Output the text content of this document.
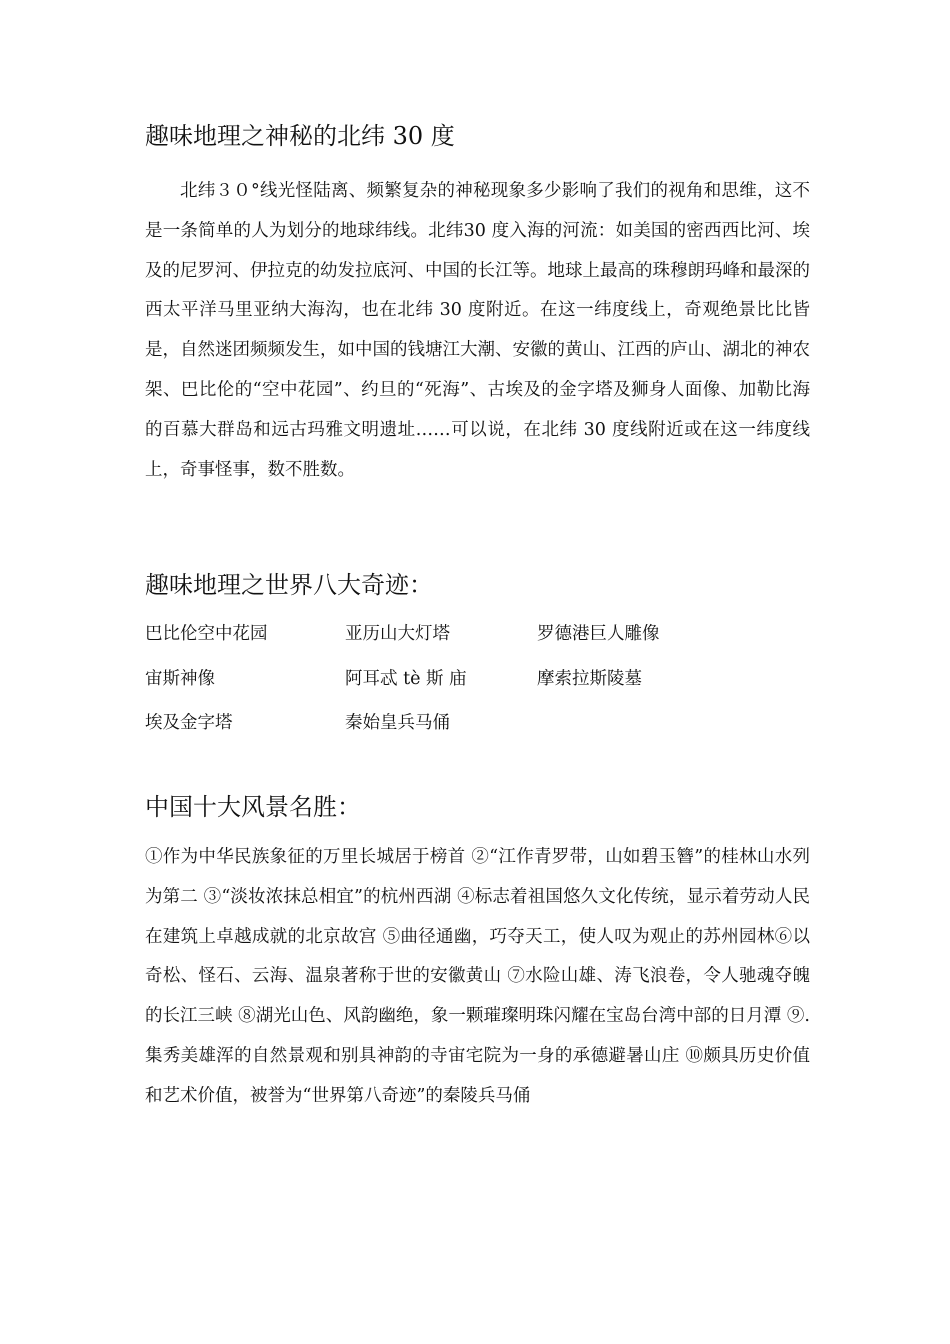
趣味地理之神秘的北纬 30 度

北纬３０°线光怪陆离、频繁复杂的神秘现象多少影响了我们的视角和思维，这不是一条简单的人为划分的地球纬线。北纬30 度入海的河流：如美国的密西西比河、埃及的尼罗河、伊拉克的幼发拉底河、中国的长江等。地球上最高的珠穆朗玛峰和最深的西太平洋马里亚纳大海沟，也在北纬 30 度附近。在这一纬度线上，奇观绝景比比皆是，自然迷团频频发生，如中国的钱塘江大潮、安徽的黄山、江西的庐山、湖北的神农架、巴比伦的“空中花园”、约旦的“死海”、古埃及的金字塔及狮身人面像、加勒比海的百慕大群岛和远古玛雅文明遗址……可以说，在北纬 30 度线附近或在这一纬度线上，奇事怪事，数不胜数。

趣味地理之世界八大奇迹：
巴比伦空中花园	亚历山大灯塔	罗德港巨人雕像
宙斯神像	阿耳忒 tè 斯 庙	摩索拉斯陵墓
埃及金字塔	秦始皇兵马俑
中国十大风景名胜：

①作为中华民族象征的万里长城居于榜首 ②“江作青罗带，山如碧玉簪”的桂林山水列为第二 ③“淡妆浓抹总相宜”的杭州西湖 ④标志着祖国悠久文化传统，显示着劳动人民在建筑上卓越成就的北京故宫 ⑤曲径通幽，巧夺天工，使人叹为观止的苏州园林⑥以奇松、怪石、云海、温泉著称于世的安徽黄山 ⑦水险山雄、涛飞浪卷，令人驰魂夺魄的长江三峡 ⑧湖光山色、风韵幽绝，象一颗璀璨明珠闪耀在宝岛台湾中部的日月潭 ⑨.集秀美雄浑的自然景观和别具神韵的寺宙宅院为一身的承德避暑山庄 ⑩颇具历史价值和艺术价值，被誉为“世界第八奇迹”的秦陵兵马俑
